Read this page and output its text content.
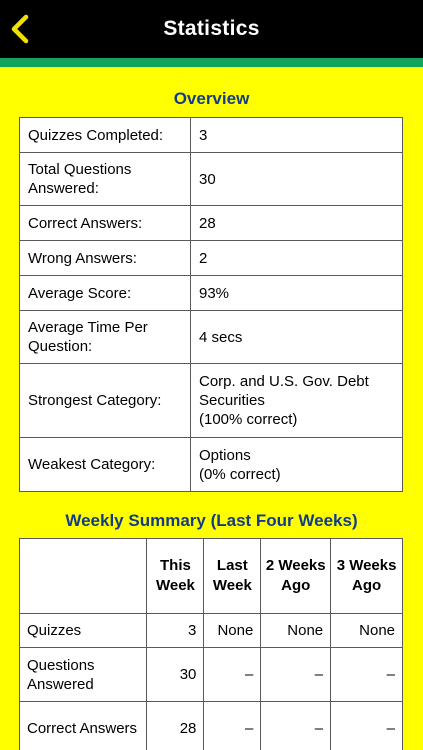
Statistics
Overview
Quizzes Completed:	3
Total Questions Answered:	30
Correct Answers:	28
Wrong Answers:	2
Average Score:	93%
Average Time Per Question:	4 secs
Strongest Category:	Corp. and U.S. Gov. Debt Securities
(100% correct)

Weakest Category:	Options
(0% correct)
Weekly Summary (Last Four Weeks)
	This Week	Last Week	2 Weeks Ago	3 Weeks Ago
Quizzes	3	None	None	None
Questions Answered	30	–	–	–
Correct Answers	28	–	–	–
